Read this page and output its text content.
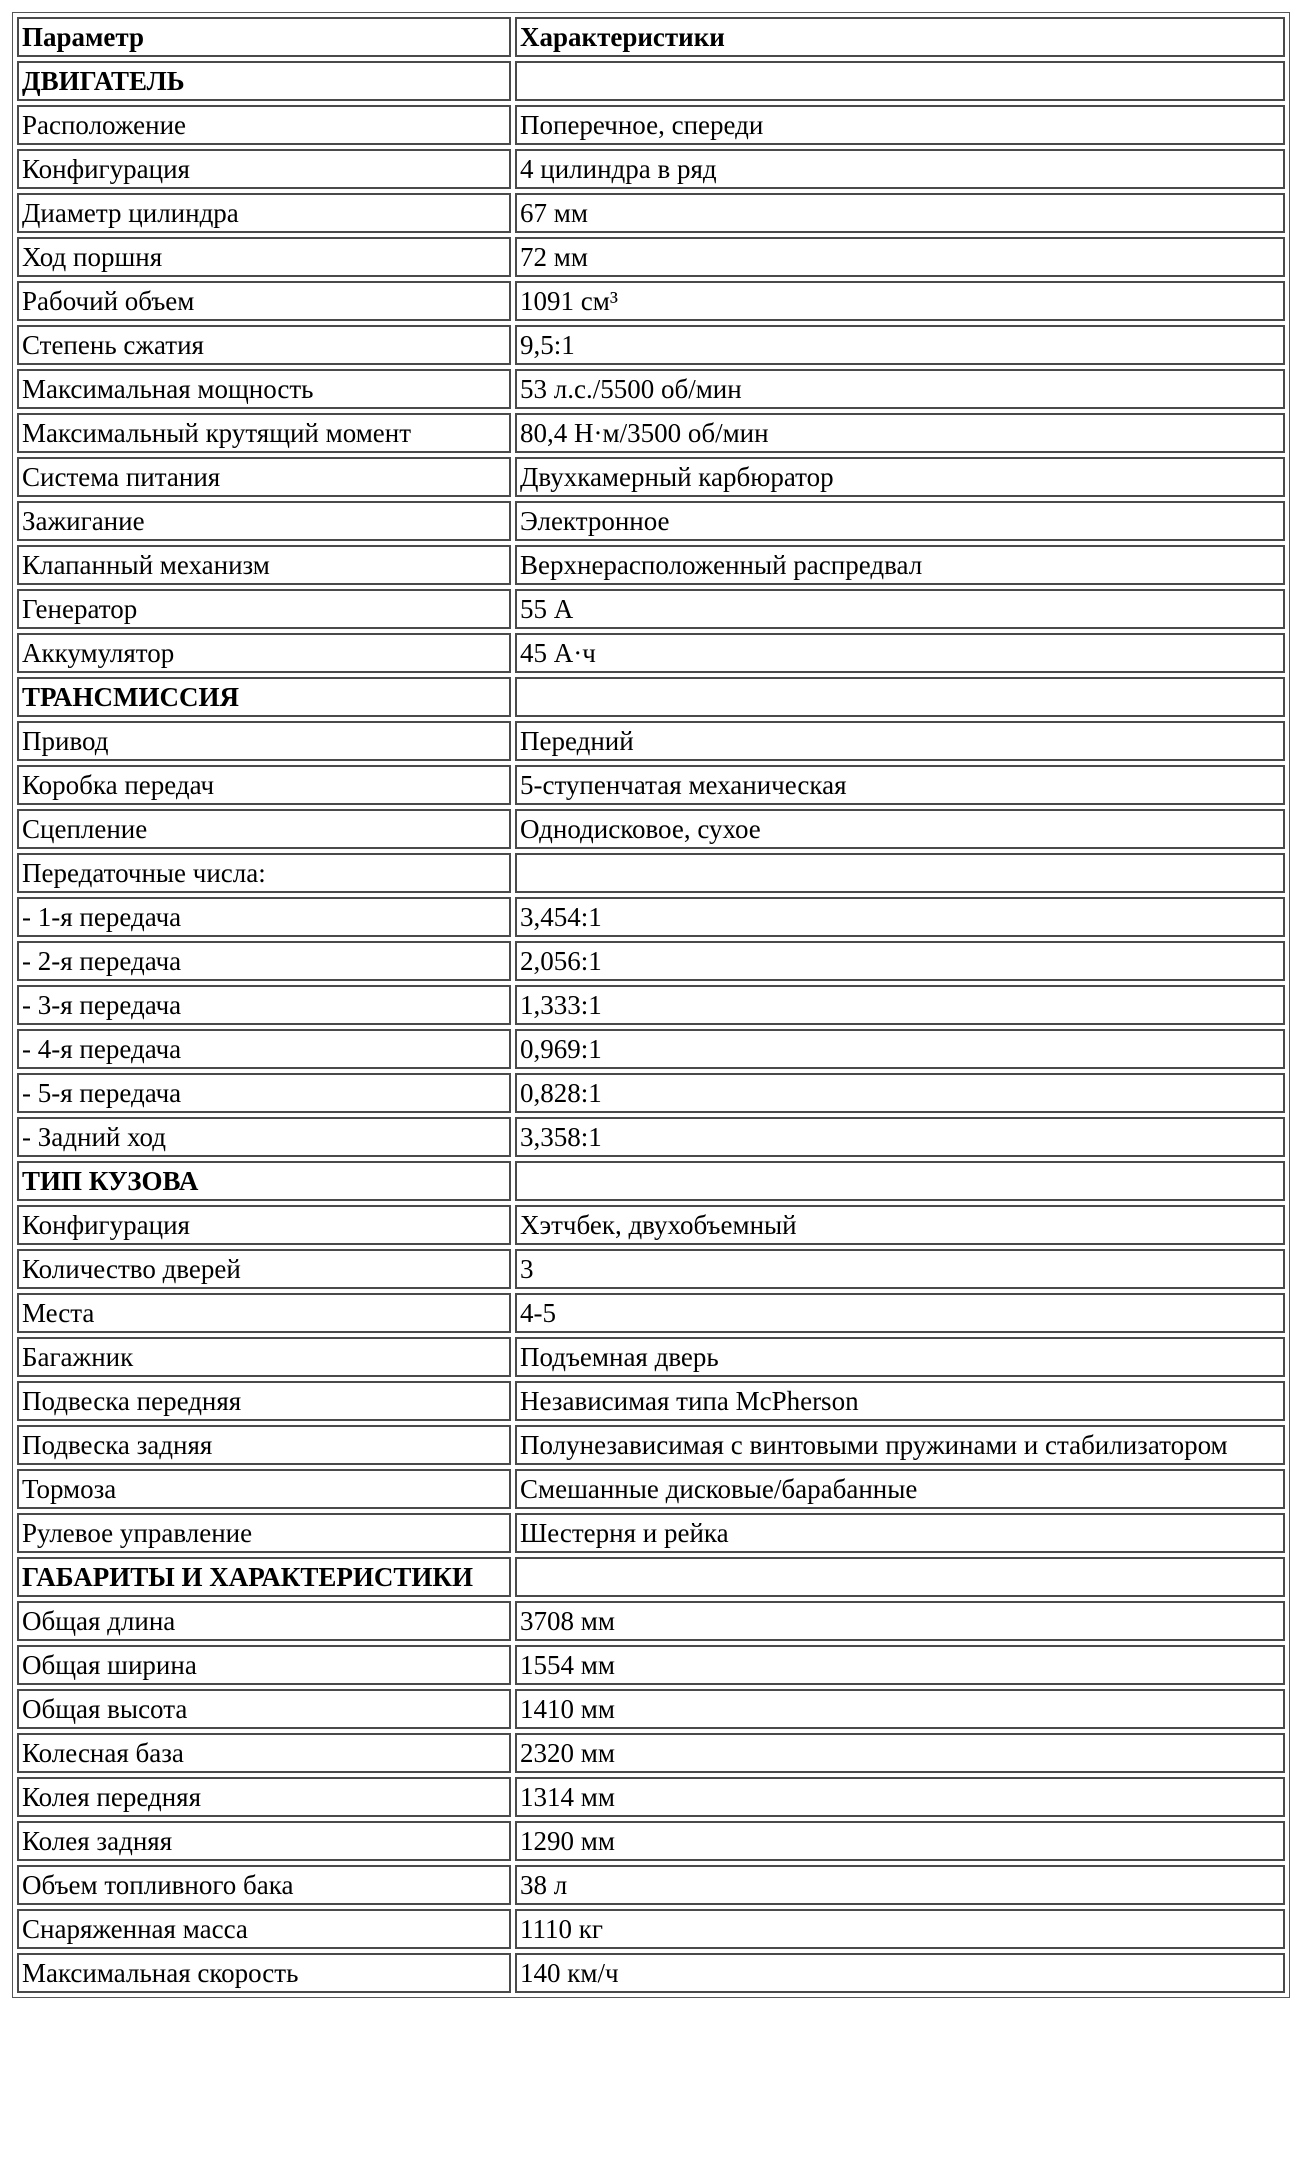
Параметр	Характеристики
ДВИГАТЕЛЬ	
Расположение	Поперечное, спереди
Конфигурация	4 цилиндра в ряд
Диаметр цилиндра	67 мм
Ход поршня	72 мм
Рабочий объем	1091 см³
Степень сжатия	9,5:1
Максимальная мощность	53 л.с./5500 об/мин
Максимальный крутящий момент	80,4 Н·м/3500 об/мин
Система питания	Двухкамерный карбюратор
Зажигание	Электронное
Клапанный механизм	Верхнерасположенный распредвал
Генератор	55 А
Аккумулятор	45 А·ч
ТРАНСМИССИЯ	
Привод	Передний
Коробка передач	5-ступенчатая механическая
Сцепление	Однодисковое, сухое
Передаточные числа:	
- 1-я передача	3,454:1
- 2-я передача	2,056:1
- 3-я передача	1,333:1
- 4-я передача	0,969:1
- 5-я передача	0,828:1
- Задний ход	3,358:1
ТИП КУЗОВА	
Конфигурация	Хэтчбек, двухобъемный
Количество дверей	3
Места	4-5
Багажник	Подъемная дверь
Подвеска передняя	Независимая типа McPherson
Подвеска задняя	Полунезависимая с винтовыми пружинами и стабилизатором
Тормоза	Смешанные дисковые/барабанные
Рулевое управление	Шестерня и рейка
ГАБАРИТЫ И ХАРАКТЕРИСТИКИ	
Общая длина	3708 мм
Общая ширина	1554 мм
Общая высота	1410 мм
Колесная база	2320 мм
Колея передняя	1314 мм
Колея задняя	1290 мм
Объем топливного бака	38 л
Снаряженная масса	1110 кг
Максимальная скорость	140 км/ч
